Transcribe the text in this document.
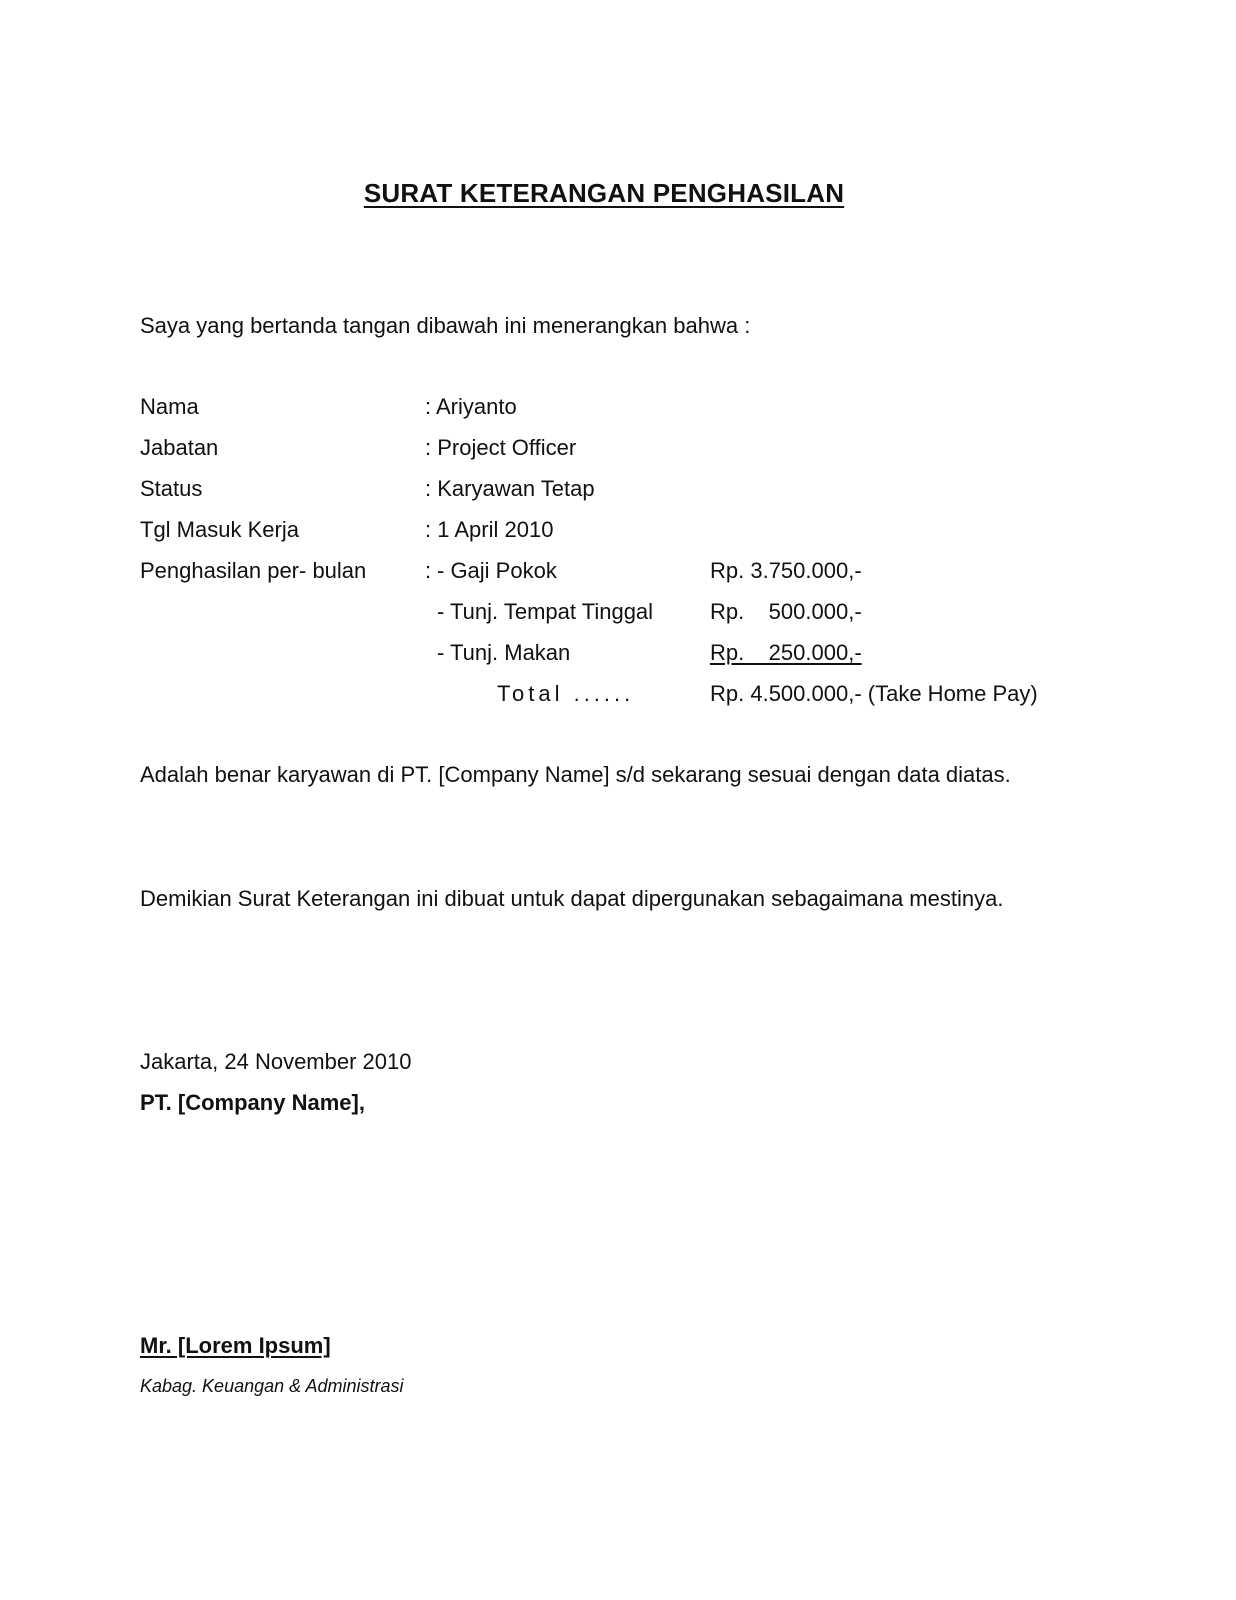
SURAT KETERANGAN PENGHASILAN
Saya yang bertanda tangan dibawah ini menerangkan bahwa :
Nama	: Ariyanto
Jabatan	: Project Officer
Status	: Karyawan Tetap
Tgl Masuk Kerja	: 1 April 2010
Penghasilan per- bulan	: - Gaji Pokok	Rp. 3.750.000,-
- Tunj. Tempat Tinggal	Rp.    500.000,-
- Tunj. Makan	Rp.    250.000,-
Total ......	Rp. 4.500.000,- (Take Home Pay)
Adalah benar karyawan di PT. [Company Name] s/d sekarang sesuai dengan data diatas.
Demikian Surat Keterangan ini dibuat untuk dapat dipergunakan sebagaimana mestinya.
Jakarta, 24 November 2010
PT. [Company Name],
Mr. [Lorem Ipsum]
Kabag. Keuangan & Administrasi
